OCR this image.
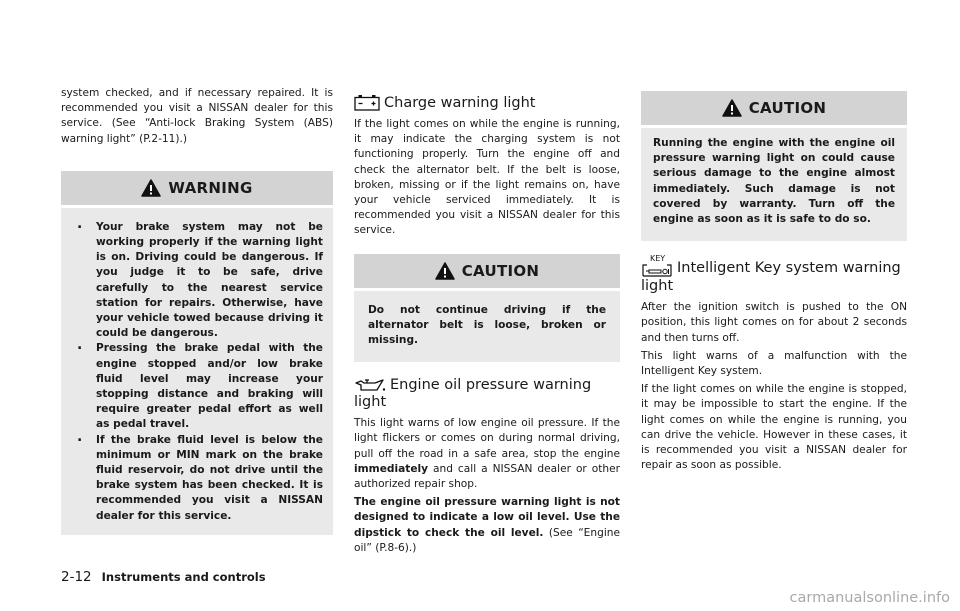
system checked, and if necessary repaired. It is recommended you visit a NISSAN dealer for this service. (See “Anti-lock Braking System (ABS) warning light” (P.2-11).)

WARNING
. Your brake system may not be working properly if the warning light is on. Driving could be dangerous. If you judge it to be safe, drive carefully to the nearest service station for repairs. Otherwise, have your vehicle towed because driving it could be dangerous.
. Pressing the brake pedal with the engine stopped and/or low brake fluid level may increase your stopping distance and braking will require greater pedal effort as well as pedal travel.
. If the brake fluid level is below the minimum or MIN mark on the brake fluid reservoir, do not drive until the brake system has been checked. It is recommended you visit a NISSAN dealer for this service.
Charge warning light

If the light comes on while the engine is running, it may indicate the charging system is not functioning properly. Turn the engine off and check the alternator belt. If the belt is loose, broken, missing or if the light remains on, have your vehicle serviced immediately. It is recommended you visit a NISSAN dealer for this service.

CAUTION
Do not continue driving if the alternator belt is loose, broken or missing.
Engine oil pressure warning light

This light warns of low engine oil pressure. If the light flickers or comes on during normal driving, pull off the road in a safe area, stop the engine immediately and call a NISSAN dealer or other authorized repair shop.

The engine oil pressure warning light is not designed to indicate a low oil level. Use the dipstick to check the oil level. (See “Engine oil” (P.8-6).)

CAUTION
Running the engine with the engine oil pressure warning light on could cause serious damage to the engine almost immediately. Such damage is not covered by warranty. Turn off the engine as soon as it is safe to do so.
KEY
Intelligent Key system warning light

After the ignition switch is pushed to the ON position, this light comes on for about 2 seconds and then turns off.

This light warns of a malfunction with the Intelligent Key system.

If the light comes on while the engine is stopped, it may be impossible to start the engine. If the light comes on while the engine is running, you can drive the vehicle. However in these cases, it is recommended you visit a NISSAN dealer for repair as soon as possible.

2-12 Instruments and controls
carmanualsonline.info
